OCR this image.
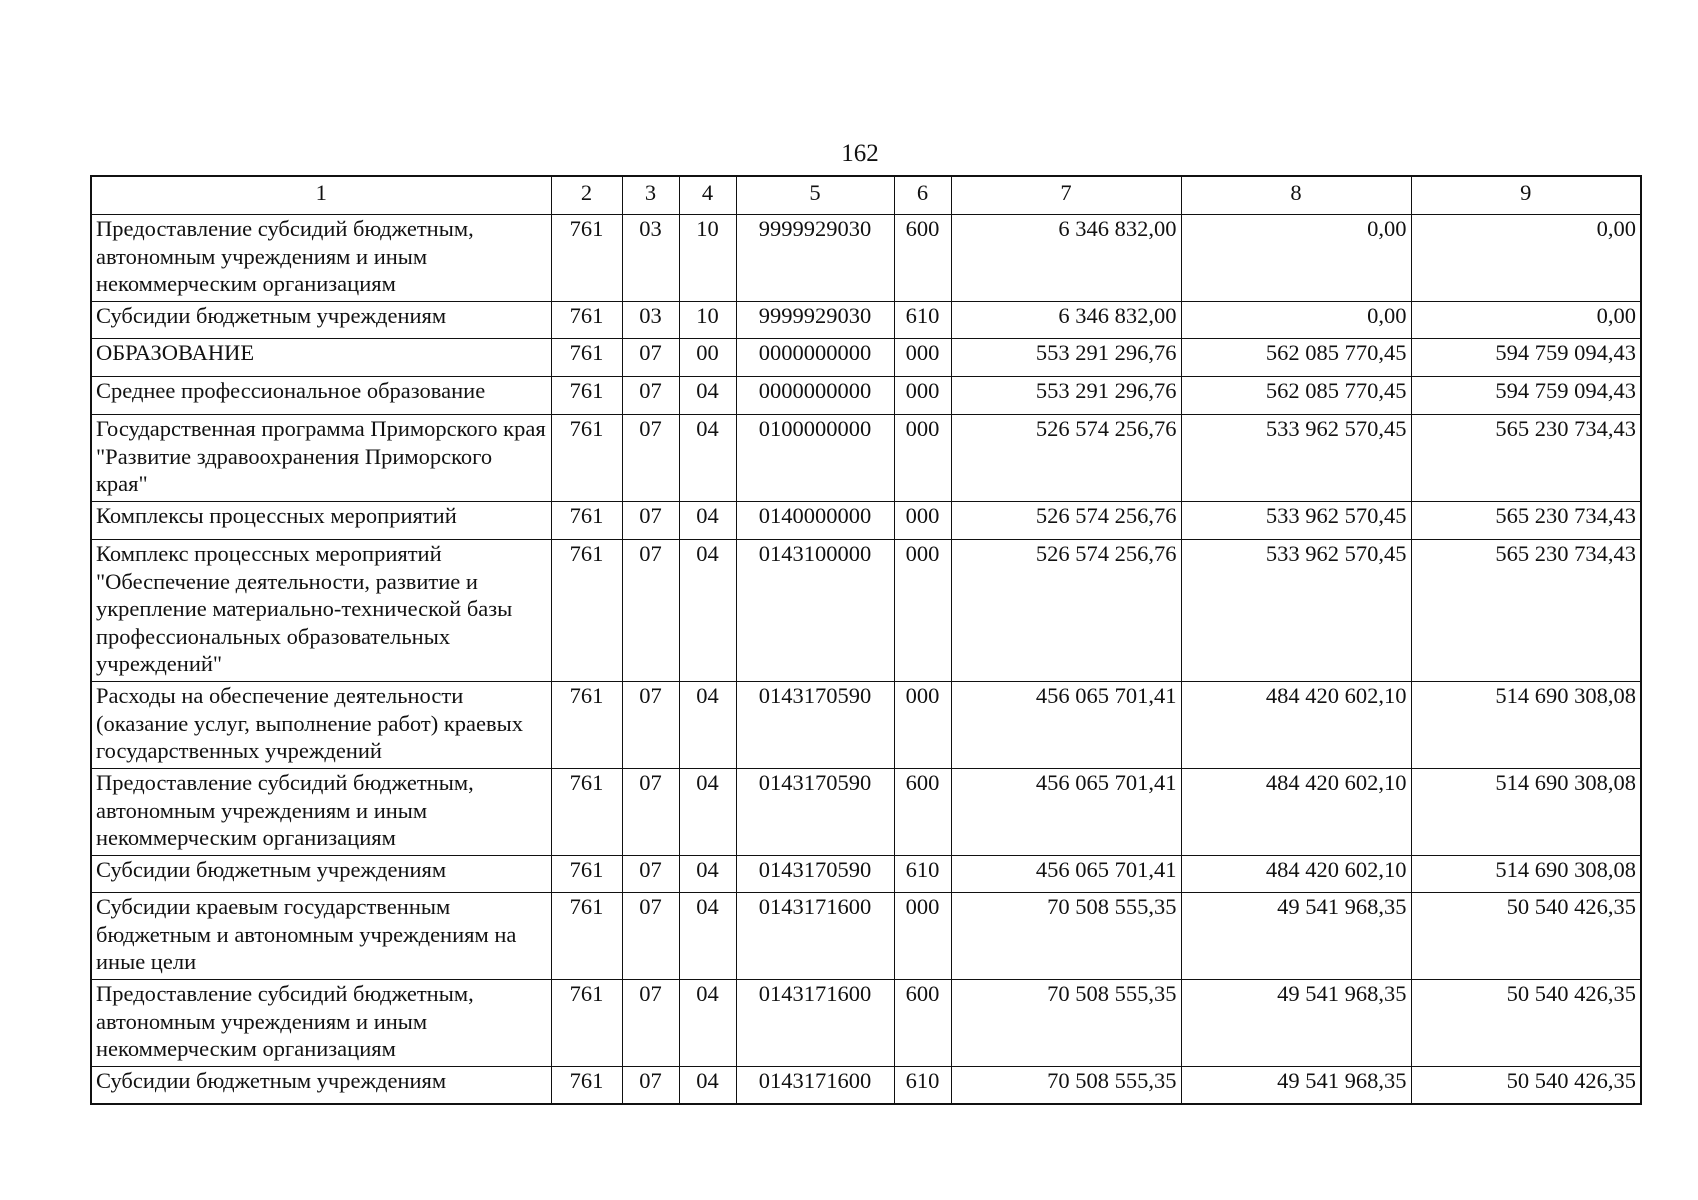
162
1	2	3	4	5	6	7	8	9
Предоставление субсидий бюджетным, автономным учреждениям и иным некоммерческим организациям	761	03	10	9999929030	600	6 346 832,00	0,00	0,00
Субсидии бюджетным учреждениям	761	03	10	9999929030	610	6 346 832,00	0,00	0,00
ОБРАЗОВАНИЕ	761	07	00	0000000000	000	553 291 296,76	562 085 770,45	594 759 094,43
Среднее профессиональное образование	761	07	04	0000000000	000	553 291 296,76	562 085 770,45	594 759 094,43
Государственная программа Приморского края "Развитие здравоохранения Приморского края"	761	07	04	0100000000	000	526 574 256,76	533 962 570,45	565 230 734,43
Комплексы процессных мероприятий	761	07	04	0140000000	000	526 574 256,76	533 962 570,45	565 230 734,43
Комплекс процессных мероприятий "Обеспечение деятельности, развитие и укрепление материально-технической базы профессиональных образовательных учреждений"	761	07	04	0143100000	000	526 574 256,76	533 962 570,45	565 230 734,43
Расходы на обеспечение деятельности (оказание услуг, выполнение работ) краевых государственных учреждений	761	07	04	0143170590	000	456 065 701,41	484 420 602,10	514 690 308,08
Предоставление субсидий бюджетным, автономным учреждениям и иным некоммерческим организациям	761	07	04	0143170590	600	456 065 701,41	484 420 602,10	514 690 308,08
Субсидии бюджетным учреждениям	761	07	04	0143170590	610	456 065 701,41	484 420 602,10	514 690 308,08
Субсидии краевым государственным бюджетным и автономным учреждениям на иные цели	761	07	04	0143171600	000	70 508 555,35	49 541 968,35	50 540 426,35
Предоставление субсидий бюджетным, автономным учреждениям и иным некоммерческим организациям	761	07	04	0143171600	600	70 508 555,35	49 541 968,35	50 540 426,35
Субсидии бюджетным учреждениям	761	07	04	0143171600	610	70 508 555,35	49 541 968,35	50 540 426,35
